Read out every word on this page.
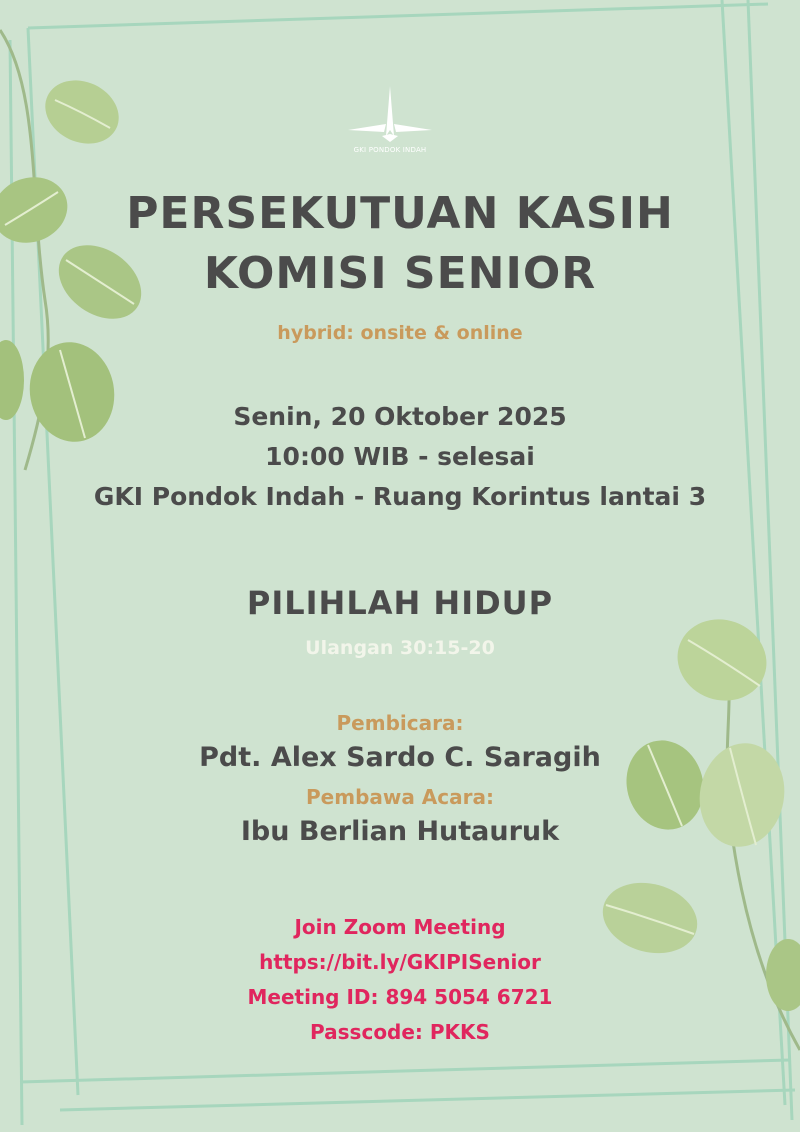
GKI PONDOK INDAH
PERSEKUTUAN KASIH
KOMISI SENIOR
hybrid: onsite & online
Senin, 20 Oktober 2025
10:00 WIB - selesai
GKI Pondok Indah - Ruang Korintus lantai 3
PILIHLAH HIDUP
Ulangan 30:15-20
Pembicara:
Pdt. Alex Sardo C. Saragih
Pembawa Acara:
Ibu Berlian Hutauruk
Join Zoom Meeting
https://bit.ly/GKIPISenior
Meeting ID: 894 5054 6721
Passcode: PKKS
